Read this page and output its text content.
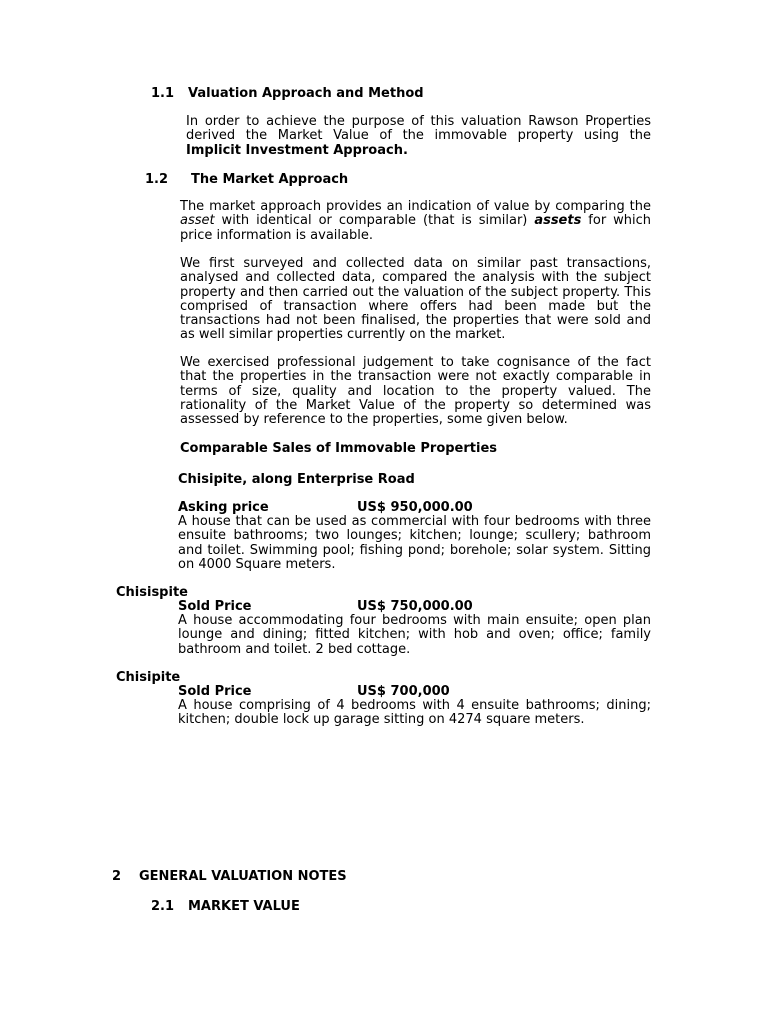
1.1 Valuation Approach and Method

In order to achieve the purpose of this valuation Rawson Properties derived the Market Value of the immovable property using the Implicit Investment Approach.

1.2 The Market Approach

The market approach provides an indication of value by comparing the asset with identical or comparable (that is similar) assets for which price information is available.

We first surveyed and collected data on similar past transactions, analysed and collected data, compared the analysis with the subject property and then carried out the valuation of the subject property. This comprised of transaction where offers had been made but the transactions had not been finalised, the properties that were sold and as well similar properties currently on the market.

We exercised professional judgement to take cognisance of the fact that the properties in the transaction were not exactly comparable in terms of size, quality and location to the property valued. The rationality of the Market Value of the property so determined was assessed by reference to the properties, some given below.

Comparable Sales of Immovable Properties
Chisipite, along Enterprise Road
Asking price	US$ 950,000.00

A house that can be used as commercial with four bedrooms with three ensuite bathrooms; two lounges; kitchen; lounge; scullery; bathroom and toilet. Swimming pool; fishing pond; borehole; solar system. Sitting on 4000 Square meters.

Chisispite
Sold Price	US$ 750,000.00

A house accommodating four bedrooms with main ensuite; open plan lounge and dining; fitted kitchen; with hob and oven; office; family bathroom and toilet. 2 bed cottage.

Chisipite
Sold Price	US$ 700,000

A house comprising of 4 bedrooms with 4 ensuite bathrooms; dining; kitchen; double lock up garage sitting on 4274 square meters.

2 GENERAL VALUATION NOTES
2.1 MARKET VALUE
